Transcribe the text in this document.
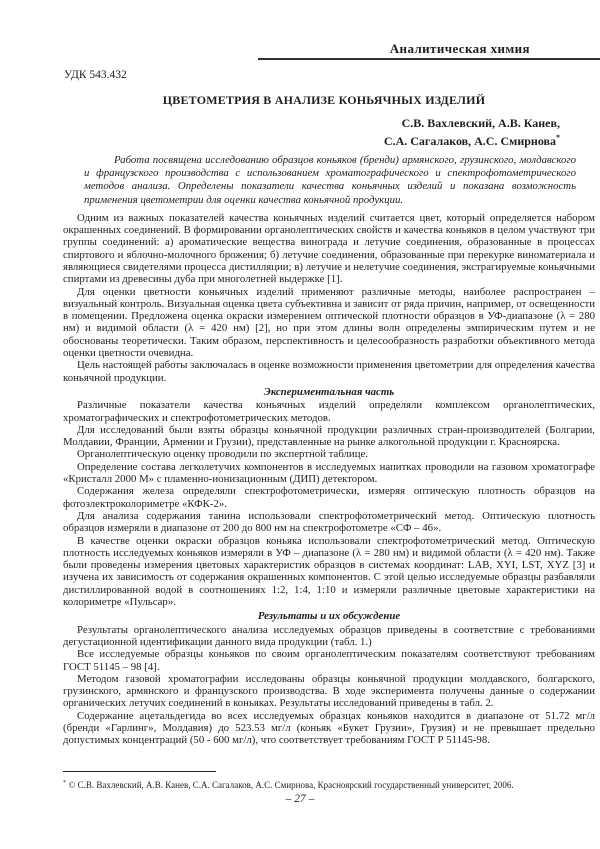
Аналитическая химия
УДК 543.432
ЦВЕТОМЕТРИЯ В АНАЛИЗЕ КОНЬЯЧНЫХ ИЗДЕЛИЙ
С.В. Вахлевский, А.В. Канев,
С.А. Сагалаков, А.С. Смирнова*
Работа посвящена исследованию образцов коньяков (бренди) армянского, грузинского, молдавского и французского производства с использованием хроматографического и спектрофотометрического методов анализа. Определены показатели качества коньячных изделий и показана возможность применения цветометрии для оценки качества коньячной продукции.
Одним из важных показателей качества коньячных изделий считается цвет, который определяется набором окрашенных соединений. В формировании органолептических свойств и качества коньяков в целом участвуют три группы соединений: а) ароматические вещества винограда и летучие соединения, образованные в процессах спиртового и яблочно-молочного брожения; б) летучие соединения, образованные при перекурке виноматериала и являющиеся свидетелями процесса дистилляции; в) летучие и нелетучие соединения, экстрагируемые коньячными спиртами из древесины дуба при многолетней выдержке [1].
Для оценки цветности коньячных изделий применяют различные методы, наиболее распространен – визуальный контроль. Визуальная оценка цвета субъективна и зависит от ряда причин, например, от освещенности в помещении. Предложена оценка окраски измерением оптической плотности образцов в УФ-диапазоне (λ = 280 нм) и видимой области (λ = 420 нм) [2], но при этом длины волн определены эмпирическим путем и не обоснованы теоретически. Таким образом, перспективность и целесообразность разработки объективного метода оценки цветности очевидна.
Цель настоящей работы заключалась в оценке возможности применения цветометрии для определения качества коньячной продукции.
Экспериментальная часть
Различные показатели качества коньячных изделий определяли комплексом органолептических, хроматографических и спектрофотометрических методов.
Для исследований были взяты образцы коньячной продукции различных стран-производителей (Болгарии, Молдавии, Франции, Армении и Грузии), представленные на рынке алкогольной продукции г. Красноярска.
Органолептическую оценку проводили по экспертной таблице.
Определение состава легколетучих компонентов в исследуемых напитках проводили на газовом хроматографе «Кристалл 2000 М» с пламенно-ионизационным (ДИП) детектором.
Содержания железа определяли спектрофотометрически, измеряя оптическую плотность образцов на фотоэлектроколориметре «КФК-2».
Для анализа содержания танина использовали спектрофотометрический метод. Оптическую плотность образцов измеряли в диапазоне от 200 до 800 нм на спектрофотометре «СФ – 46».
В качестве оценки окраски образцов коньяка использовали спектрофотометрический метод. Оптическую плотность исследуемых коньяков измеряли в УФ – диапазоне (λ = 280 нм) и видимой области (λ = 420 нм). Также были проведены измерения цветовых характеристик образцов в системах координат: LAB, XYI, LST, XYZ [3] и изучена их зависимость от содержания окрашенных компонентов. С этой целью исследуемые образцы разбавляли дистиллированной водой в соотношениях 1:2, 1:4, 1:10 и измеряли различные цветовые характеристики на колориметре «Пульсар».
Результаты и их обсуждение
Результаты органолептического анализа исследуемых образцов приведены в соответствие с требованиями дегустационной идентификации данного вида продукции (табл. 1.)
Все исследуемые образцы коньяков по своим органолептическим показателям соответствуют требованиям ГОСТ 51145 – 98 [4].
Методом газовой хроматографии исследованы образцы коньячной продукции молдавского, болгарского, грузинского, армянского и французского производства. В ходе эксперимента получены данные о содержании органических летучих соединений в коньяках. Результаты исследований приведены в табл. 2.
Содержание ацетальдегида во всех исследуемых образцах коньяков находится в диапазоне от 51.72 мг/л (бренди «Гарлинг», Молдавия) до 523.53 мг/л (коньяк «Букет Грузии», Грузия) и не превышает предельно допустимых концентраций (50 - 600 мг/л), что соответствует требованиям ГОСТ Р 51145-98.
* © С.В. Вахлевский, А.В. Канев, С.А. Сагалаков, А.С. Смирнова, Красноярский государственный университет, 2006.
– 27 –
